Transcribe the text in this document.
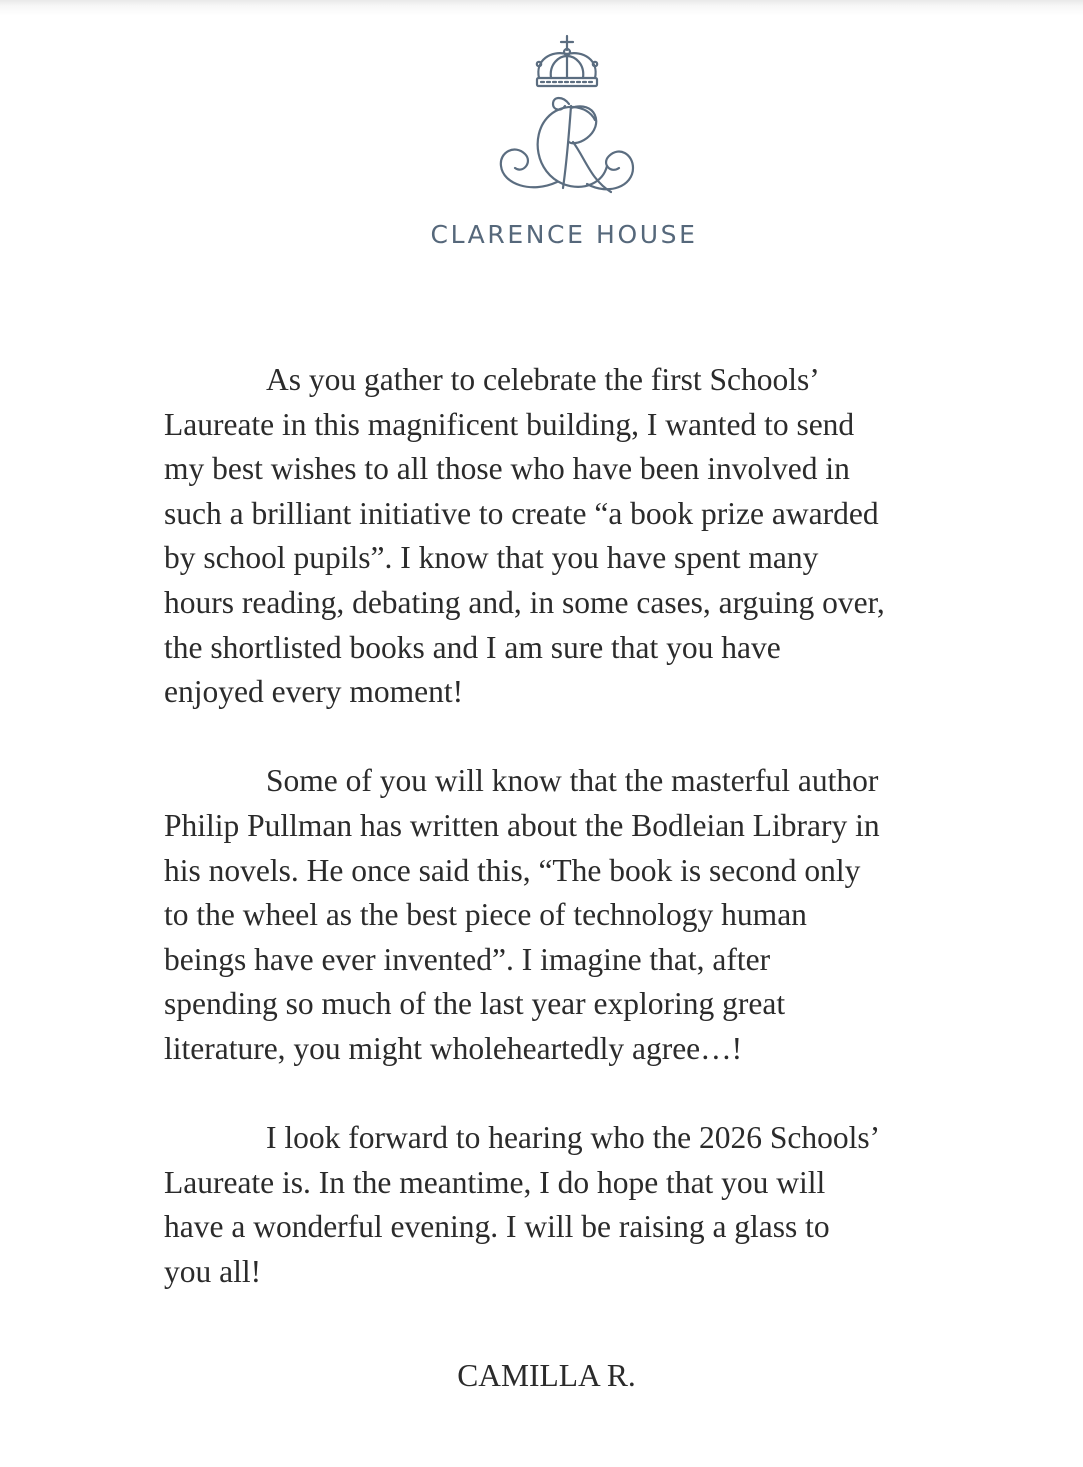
CLARENCE HOUSE
As you gather to celebrate the first Schools’
Laureate in this magnificent building, I wanted to send
my best wishes to all those who have been involved in
such a brilliant initiative to create “a book prize awarded
by school pupils”. I know that you have spent many
hours reading, debating and, in some cases, arguing over,
the shortlisted books and I am sure that you have
enjoyed every moment!
Some of you will know that the masterful author
Philip Pullman has written about the Bodleian Library in
his novels. He once said this, “The book is second only
to the wheel as the best piece of technology human
beings have ever invented”. I imagine that, after
spending so much of the last year exploring great
literature, you might wholeheartedly agree…!
I look forward to hearing who the 2026 Schools’
Laureate is. In the meantime, I do hope that you will
have a wonderful evening. I will be raising a glass to
you all!
CAMILLA R.
